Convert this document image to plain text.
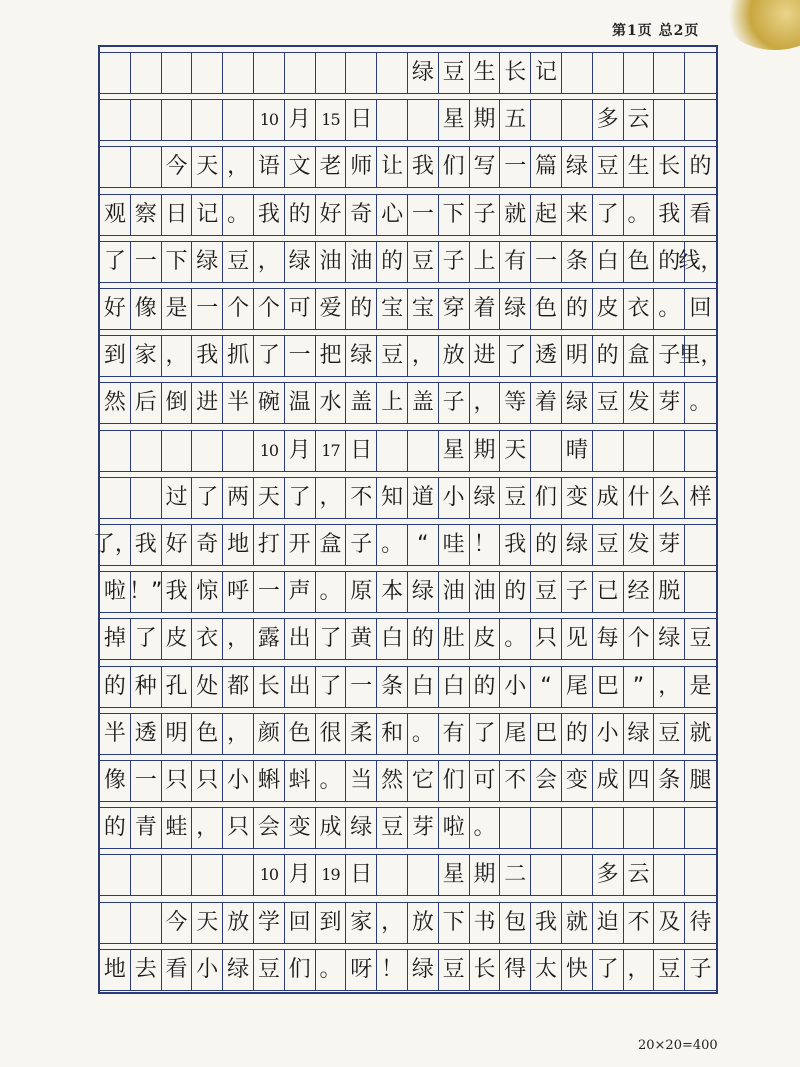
第1页 总2页
绿 豆 生 长 记
10 月 15 日	星 期 五	多 云
今 天 ， 语 文 老 师 让 我 们 写 一 篇 绿 豆 生 长 的
观 察 日 记 。 我 的 好 奇 心 一 下 子 就 起 来 了 。 我 看
了 一 下 绿 豆 ， 绿 油 油 的 豆 子 上 有 一 条 白 色 的
线，
好 像 是 一 个 个 可 爱 的 宝 宝 穿 着 绿 色 的 皮 衣 。 回
到 家 ， 我 抓 了 一 把 绿 豆 ， 放 进 了 透 明 的 盒 子
里，
然 后 倒 进 半 碗 温 水 盖 上 盖 子 ， 等 着 绿 豆 发 芽 。
10 月 17 日	星 期 天 晴
过 了 两 天 了 ， 不 知 道 小 绿 豆 们 变 成 什 么 样
了，
我 好 奇 地 打 开 盒 子 。 “ 哇 ！ 我 的 绿 豆 发 芽
啦 ！” 我 惊 呼 一 声 。 原 本 绿 油 油 的 豆 子 已 经 脱
掉 了 皮 衣 ， 露 出 了 黄 白 的 肚 皮 。 只 见 每 个 绿 豆
的 种 孔 处 都 长 出 了 一 条 白 白 的 小 “ 尾 巴 ” ， 是
半 透 明 色 ， 颜 色 很 柔 和 。 有 了 尾 巴 的 小 绿 豆 就
像 一 只 只 小 蝌 蚪 。 当 然 它 们 可 不 会 变 成 四 条 腿
的 青 蛙 ， 只 会 变 成 绿 豆 芽 啦 。
10 月 19 日	星 期 二	多 云
今 天 放 学 回 到 家 ， 放 下 书 包 我 就 迫 不 及 待
地 去 看 小 绿 豆 们 。 呀 ！ 绿 豆 长 得 太 快 了 ， 豆 子
20×20=400
